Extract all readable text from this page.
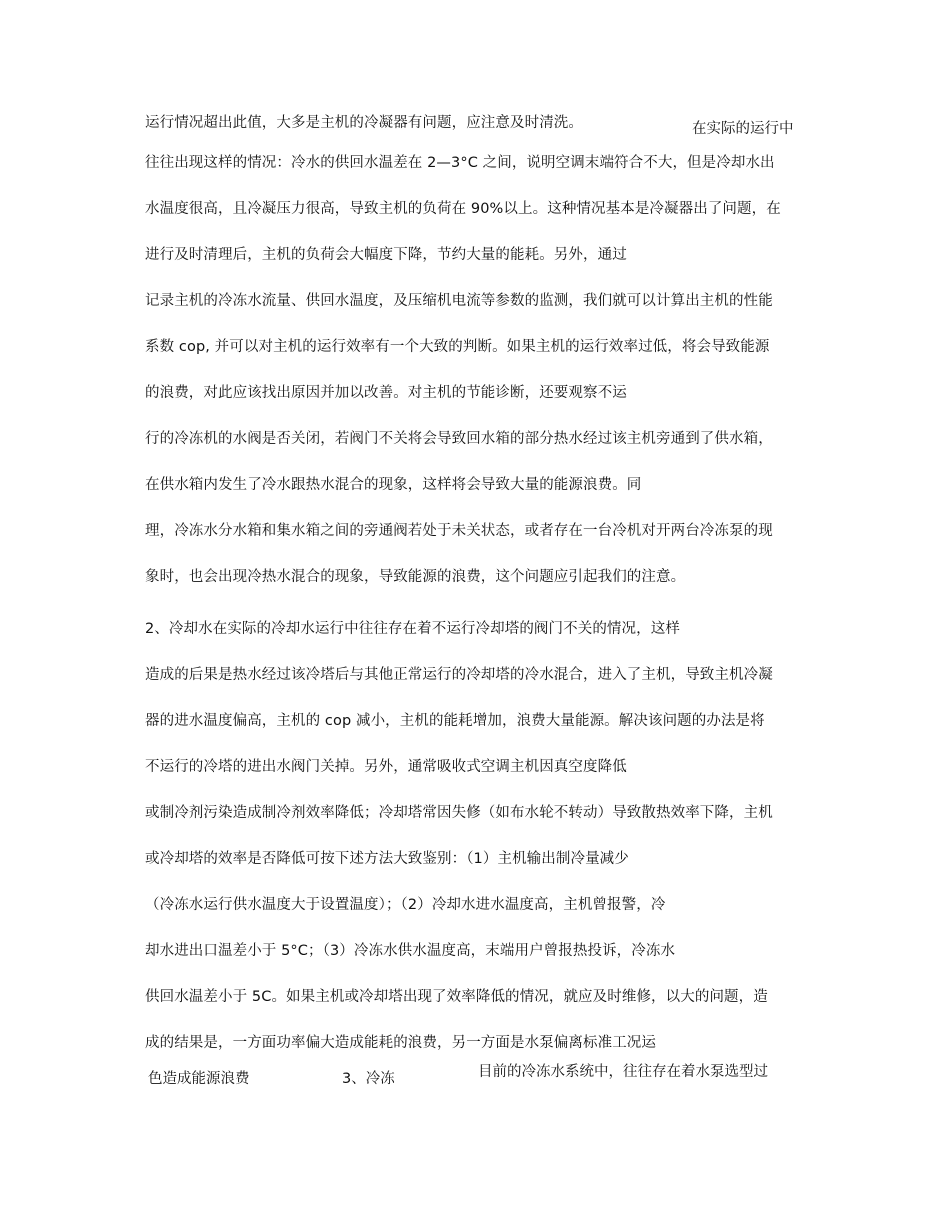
在实际的运行中
运行情况超出此值，大多是主机的冷凝器有问题，应注意及时清洗。
往往出现这样的情况：冷水的供回水温差在 2—3°C 之间，说明空调末端符合不大，但是冷却水出
水温度很高，且冷凝压力很高，导致主机的负荷在 90%以上。这种情况基本是冷凝器出了问题，在
进行及时清理后，主机的负荷会大幅度下降，节约大量的能耗。另外，通过
记录主机的冷冻水流量、供回水温度，及压缩机电流等参数的监测，我们就可以计算出主机的性能
系数 cop, 并可以对主机的运行效率有一个大致的判断。如果主机的运行效率过低，将会导致能源
的浪费，对此应该找出原因并加以改善。对主机的节能诊断，还要观察不运
行的冷冻机的水阀是否关闭，若阀门不关将会导致回水箱的部分热水经过该主机旁通到了供水箱，
在供水箱内发生了冷水跟热水混合的现象，这样将会导致大量的能源浪费。同
理，冷冻水分水箱和集水箱之间的旁通阀若处于未关状态，或者存在一台冷机对开两台冷冻泵的现
象时，也会出现冷热水混合的现象，导致能源的浪费，这个问题应引起我们的注意。
2、冷却水在实际的冷却水运行中往往存在着不运行冷却塔的阀门不关的情况，这样
造成的后果是热水经过该冷塔后与其他正常运行的冷却塔的冷水混合，进入了主机，导致主机冷凝
器的进水温度偏高，主机的 cop 减小，主机的能耗增加，浪费大量能源。解决该问题的办法是将
不运行的冷塔的进出水阀门关掉。另外，通常吸收式空调主机因真空度降低
或制冷剂污染造成制冷剂效率降低；冷却塔常因失修（如布水轮不转动）导致散热效率下降，主机
或冷却塔的效率是否降低可按下述方法大致鉴别：（1）主机输出制冷量减少
（冷冻水运行供水温度大于设置温度）；（2）冷却水进水温度高，主机曾报警，冷
却水进出口温差小于 5°C；（3）冷冻水供水温度高，末端用户曾报热投诉，冷冻水
供回水温差小于 5C。如果主机或冷却塔出现了效率降低的情况，就应及时维修，以大的问题，造
成的结果是，一方面功率偏大造成能耗的浪费，另一方面是水泵偏离标准工况运
色造成能源浪费	3、冷冻	目前的冷冻水系统中，往往存在着水泵选型过
